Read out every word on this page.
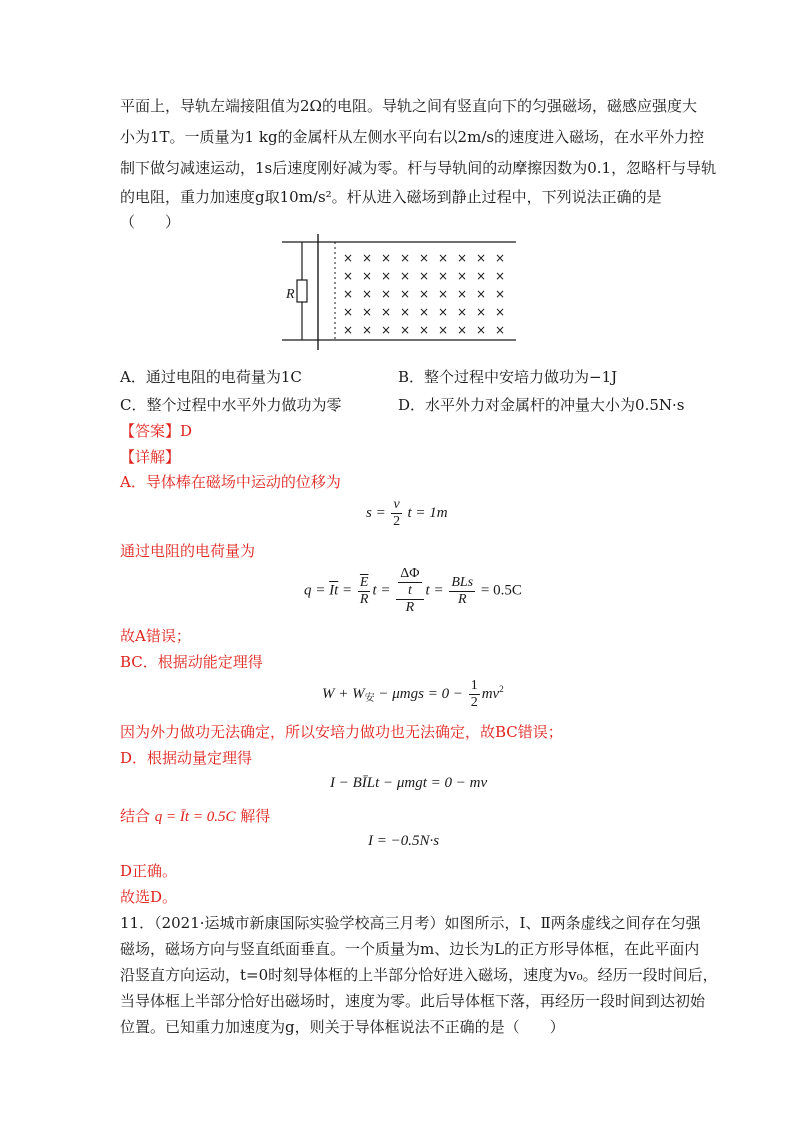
平面上，导轨左端接阻值为2Ω的电阻。导轨之间有竖直向下的匀强磁场，磁感应强度大
小为1T。一质量为1 kg的金属杆从左侧水平向右以2m/s的速度进入磁场，在水平外力控
制下做匀减速运动，1s后速度刚好减为零。杆与导轨间的动摩擦因数为0.1，忽略杆与导轨
的电阻，重力加速度g取10m/s²。杆从进入磁场到静止过程中，下列说法正确的是
（　　）
R
× × × × × × × × ×
× × × × × × × × ×
× × × × × × × × ×
× × × × × × × × ×
× × × × × × × × ×
A．通过电阻的电荷量为1C	B．整个过程中安培力做功为−1J
C．整个过程中水平外力做功为零	D．水平外力对金属杆的冲量大小为0.5N·s
【答案】D
【详解】
A．导体棒在磁场中运动的位移为
$s = \frac{v}{2}$ t = 1m
通过电阻的电荷量为
$q = \overline{It} = \frac{\overline{E}}{R}$ $t = \frac{\frac{\Delta\Phi}{t}}{R}$ $t = \frac{\text{BLs}}{R} = 0.5C$
故A错误；
BC．根据动能定理得
$W + W_安 - \mu mgs = 0 - \frac{1}{2} mv^2$
因为外力做功无法确定，所以安培力做功也无法确定，故BC错误；
D．根据动量定理得
I − BĪLt − μmgt = 0 − mv
结合 q = Īt = 0.5C 解得
I = −0.5N·s
D正确。
故选D。
11．（2021·运城市新康国际实验学校高三月考）如图所示，Ⅰ、Ⅱ两条虚线之间存在匀强
磁场，磁场方向与竖直纸面垂直。一个质量为m、边长为L的正方形导体框，在此平面内
沿竖直方向运动，t=0时刻导体框的上半部分恰好进入磁场，速度为v₀。经历一段时间后，
当导体框上半部分恰好出磁场时，速度为零。此后导体框下落，再经历一段时间到达初始
位置。已知重力加速度为g，则关于导体框说法不正确的是（　　）
